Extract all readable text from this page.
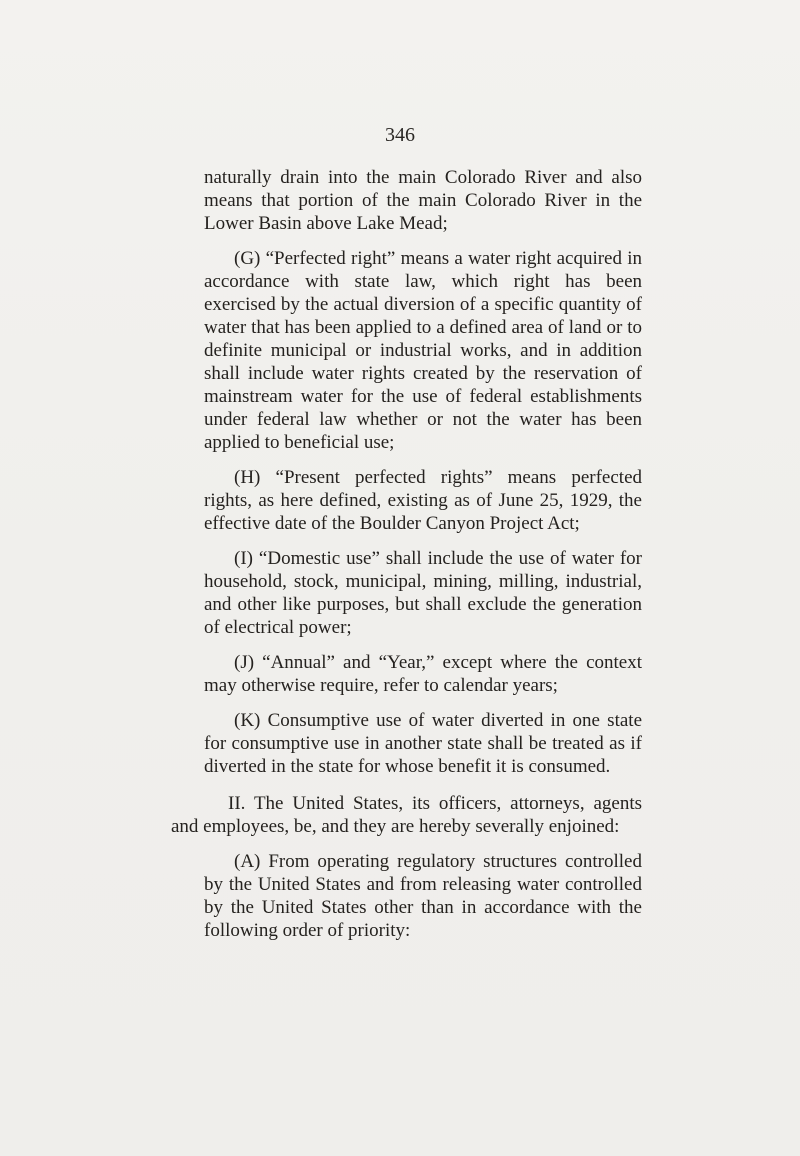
346

naturally drain into the main Colorado River and also means that portion of the main Colorado River in the Lower Basin above Lake Mead;

(G) “Perfected right” means a water right acquired in accordance with state law, which right has been exercised by the actual diversion of a specific quantity of water that has been applied to a defined area of land or to definite municipal or industrial works, and in addition shall include water rights created by the reservation of mainstream water for the use of federal establishments under federal law whether or not the water has been applied to beneficial use;

(H) “Present perfected rights” means perfected rights, as here defined, existing as of June 25, 1929, the effective date of the Boulder Canyon Project Act;

(I) “Domestic use” shall include the use of water for household, stock, municipal, mining, milling, industrial, and other like purposes, but shall exclude the generation of electrical power;

(J) “Annual” and “Year,” except where the context may otherwise require, refer to calendar years;

(K) Consumptive use of water diverted in one state for consumptive use in another state shall be treated as if diverted in the state for whose benefit it is consumed.

II. The United States, its officers, attorneys, agents and employees, be, and they are hereby severally enjoined:

(A) From operating regulatory structures controlled by the United States and from releasing water controlled by the United States other than in accordance with the following order of priority:
